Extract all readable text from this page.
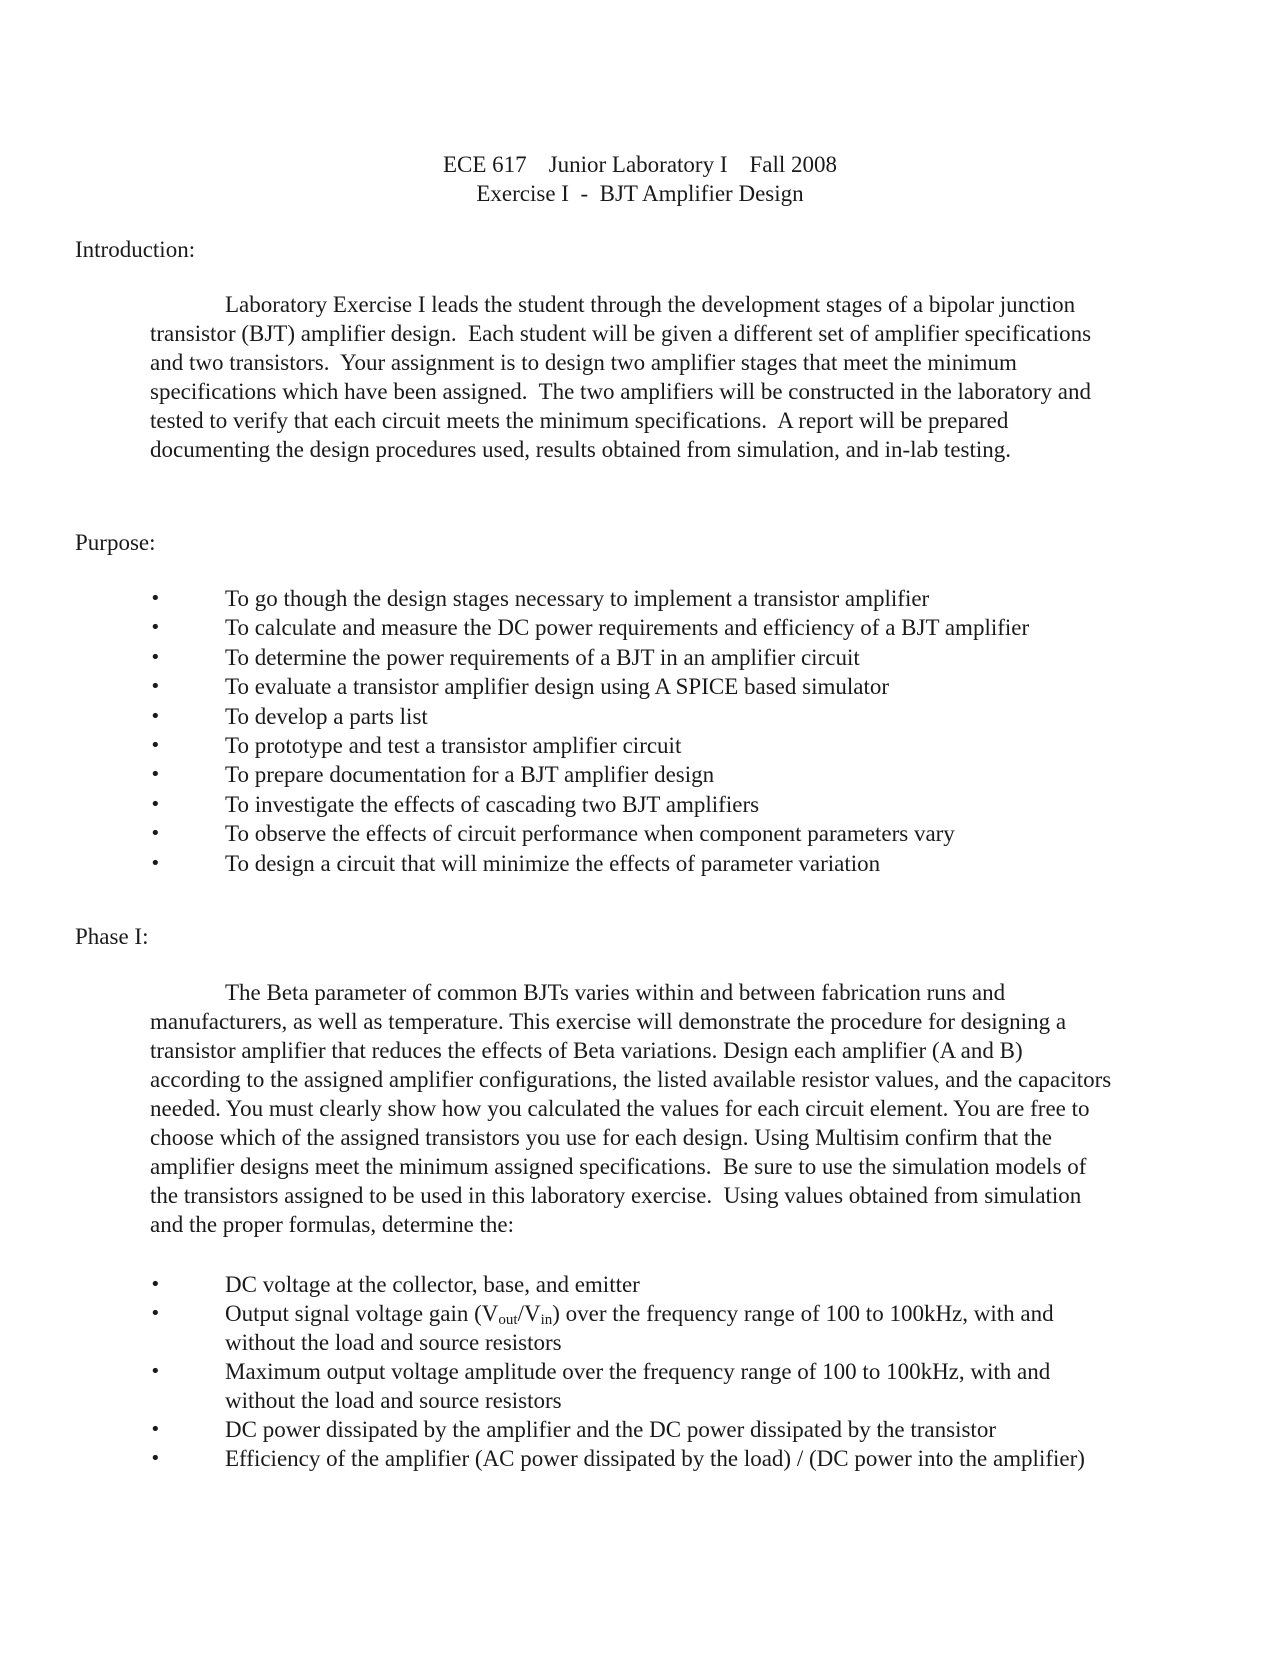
ECE 617 Junior Laboratory I Fall 2008
Exercise I  -  BJT Amplifier Design
Introduction:
Laboratory Exercise I leads the student through the development stages of a bipolar junction
transistor (BJT) amplifier design.  Each student will be given a different set of amplifier specifications
and two transistors.  Your assignment is to design two amplifier stages that meet the minimum
specifications which have been assigned.  The two amplifiers will be constructed in the laboratory and
tested to verify that each circuit meets the minimum specifications.  A report will be prepared
documenting the design procedures used, results obtained from simulation, and in-lab testing.
Purpose:
•	To go though the design stages necessary to implement a transistor amplifier
•	To calculate and measure the DC power requirements and efficiency of a BJT amplifier
•	To determine the power requirements of a BJT in an amplifier circuit
•	To evaluate a transistor amplifier design using A SPICE based simulator
•	To develop a parts list
•	To prototype and test a transistor amplifier circuit
•	To prepare documentation for a BJT amplifier design
•	To investigate the effects of cascading two BJT amplifiers
•	To observe the effects of circuit performance when component parameters vary
•	To design a circuit that will minimize the effects of parameter variation
Phase I:
The Beta parameter of common BJTs varies within and between fabrication runs and
manufacturers, as well as temperature. This exercise will demonstrate the procedure for designing a
transistor amplifier that reduces the effects of Beta variations. Design each amplifier (A and B)
according to the assigned amplifier configurations, the listed available resistor values, and the capacitors
needed. You must clearly show how you calculated the values for each circuit element. You are free to
choose which of the assigned transistors you use for each design. Using Multisim confirm that the
amplifier designs meet the minimum assigned specifications.  Be sure to use the simulation models of
the transistors assigned to be used in this laboratory exercise.  Using values obtained from simulation
and the proper formulas, determine the:
•	DC voltage at the collector, base, and emitter
•	Output signal voltage gain $(V_{out}/V_{in})$ over the frequency range of 100 to 100kHz, with and
without the load and source resistors
•	Maximum output voltage amplitude over the frequency range of 100 to 100kHz, with and
without the load and source resistors
•	DC power dissipated by the amplifier and the DC power dissipated by the transistor
•	Efficiency of the amplifier (AC power dissipated by the load) / (DC power into the amplifier)
